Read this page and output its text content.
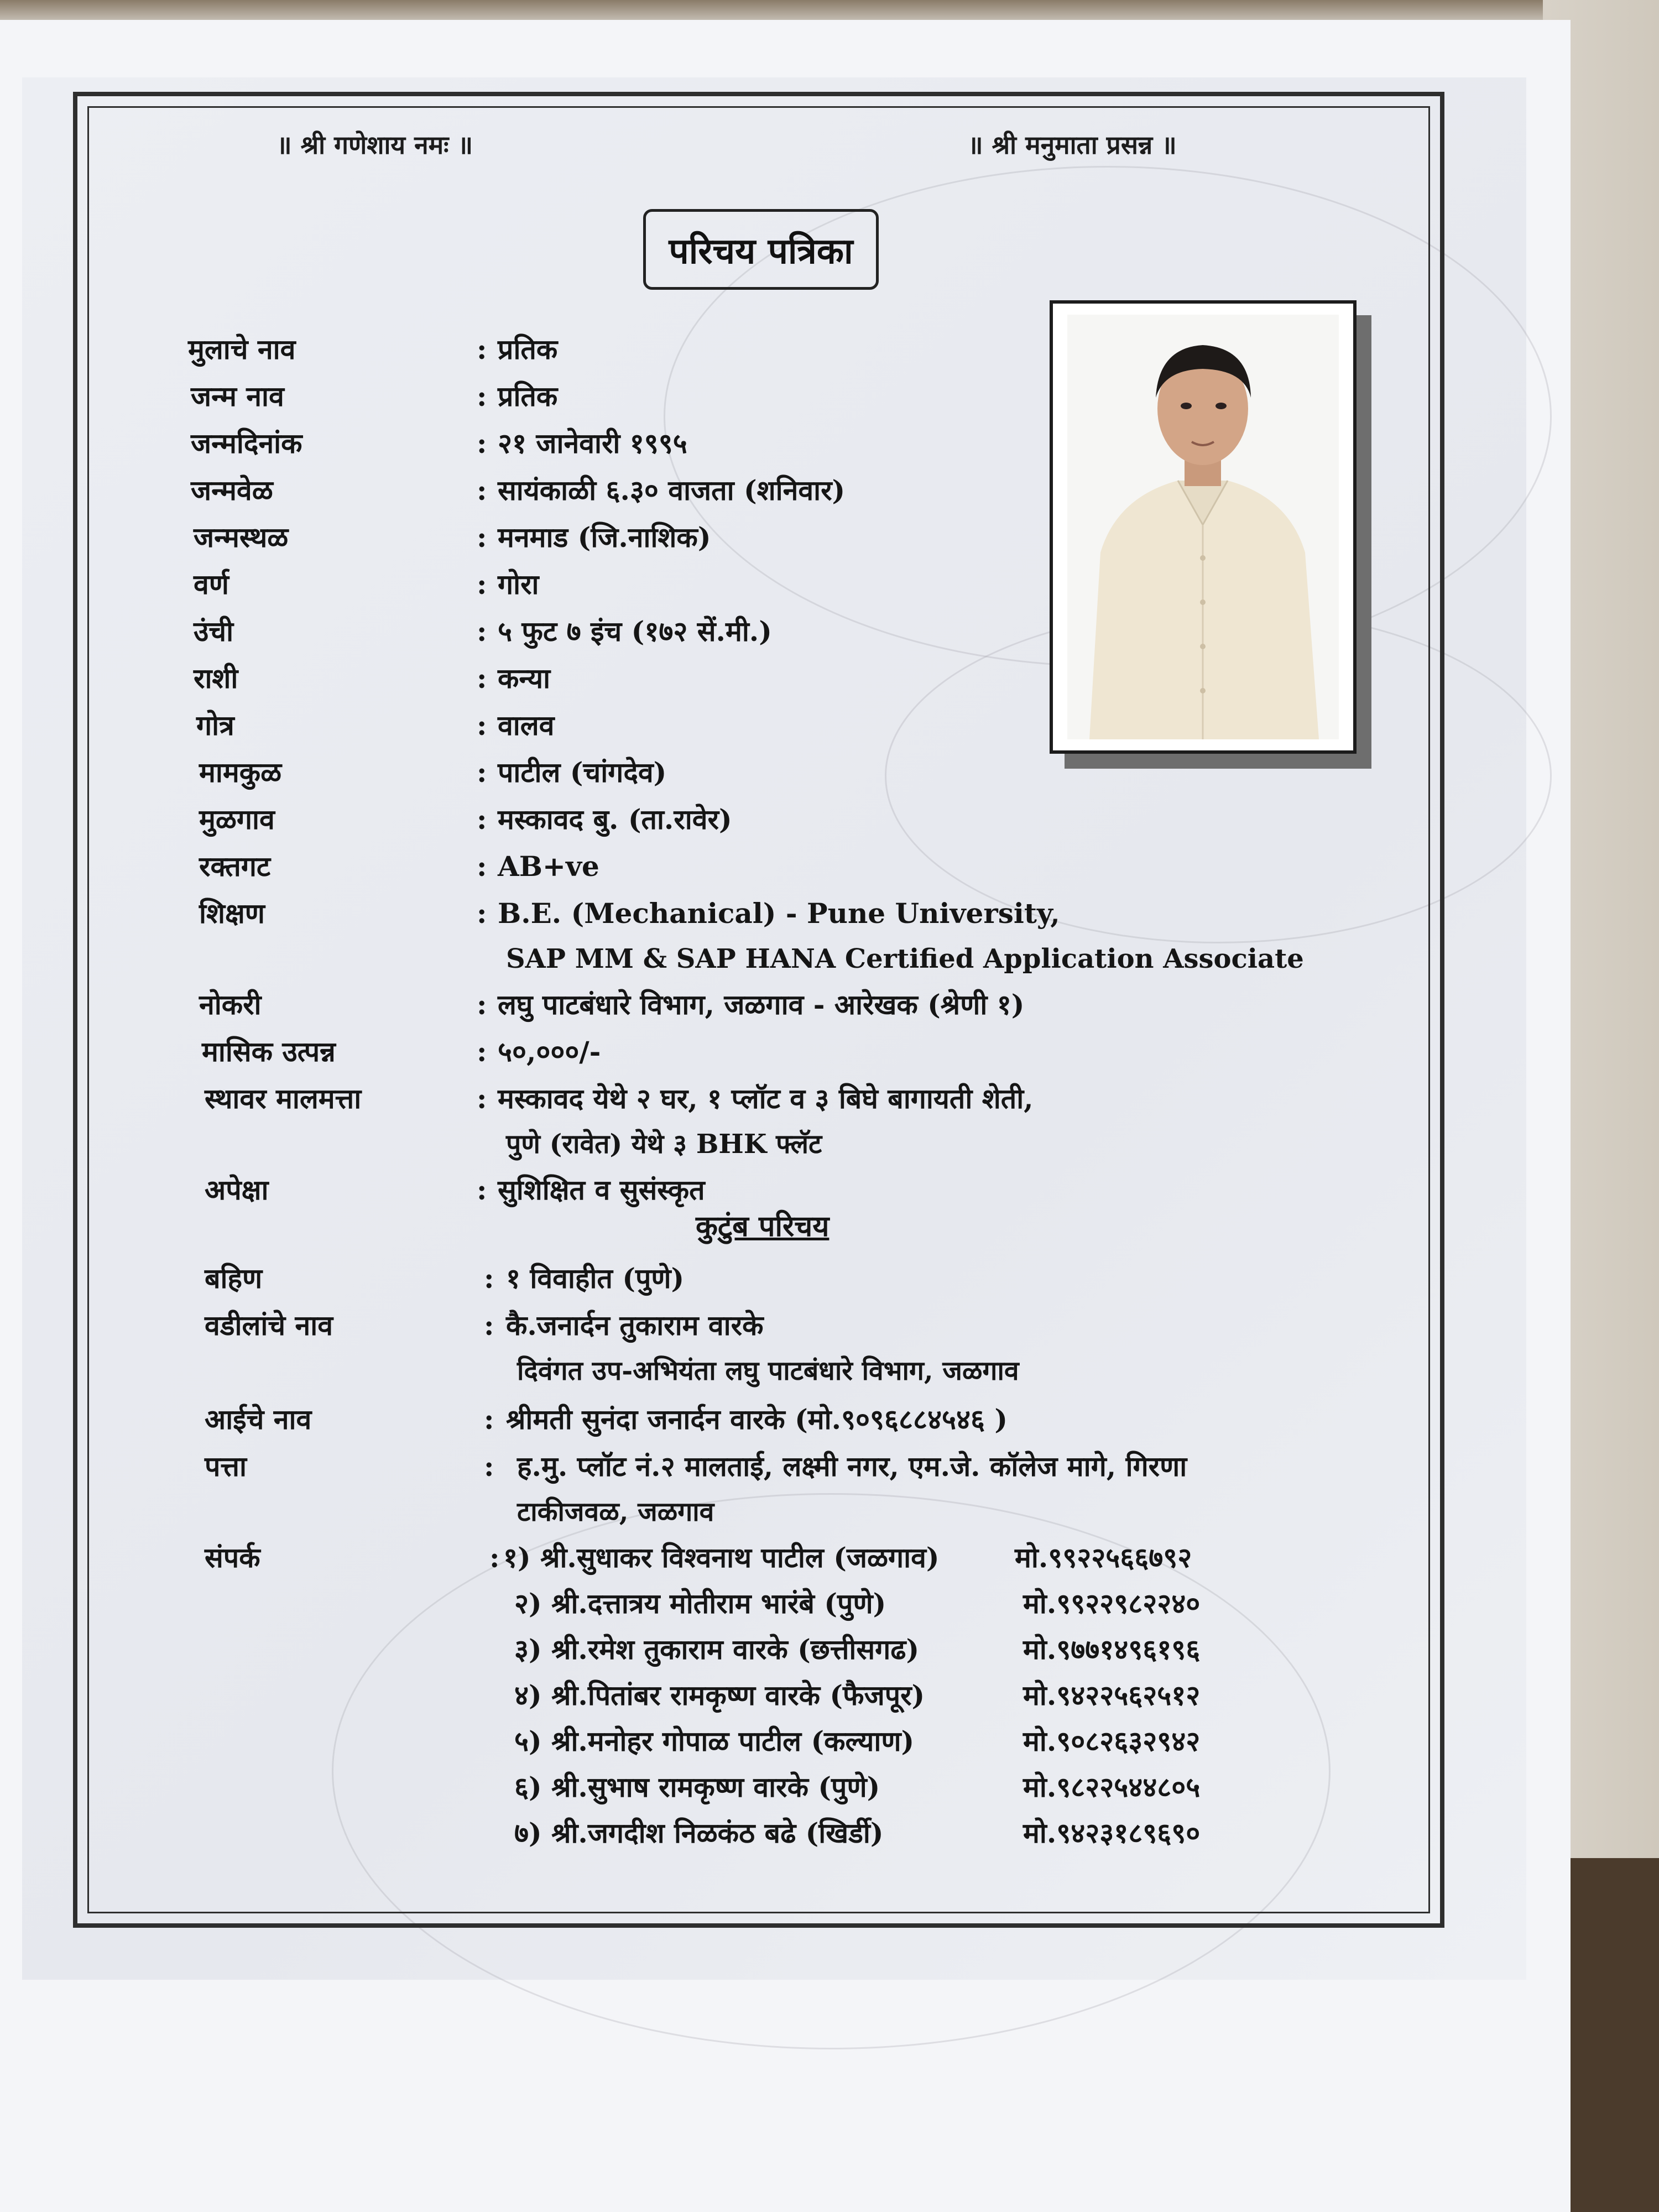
॥ श्री गणेशाय नमः ॥	॥ श्री मनुमाता प्रसन्न ॥
परिचय पत्रिका
मुलाचे नाव	: प्रतिक
जन्म नाव	: प्रतिक
जन्मदिनांक	: २१ जानेवारी १९९५
जन्मवेळ	: सायंकाळी ६.३० वाजता (शनिवार)
जन्मस्थळ	: मनमाड (जि.नाशिक)
वर्ण	: गोरा
उंची	: ५ फुट ७ इंच (१७२ सें.मी.)
राशी	: कन्या
गोत्र	: वालव
मामकुळ	: पाटील (चांगदेव)
मुळगाव	: मस्कावद बु. (ता.रावेर)
रक्तगट	: AB+ve
शिक्षण	: B.E. (Mechanical) - Pune University,
SAP MM & SAP HANA Certified Application Associate
नोकरी	: लघु पाटबंधारे विभाग, जळगाव - आरेखक (श्रेणी १)
मासिक उत्पन्न	: ५०,०००/-
स्थावर मालमत्ता	: मस्कावद येथे २ घर, १ प्लॉट व ३ बिघे बागायती शेती,
पुणे (रावेत) येथे ३ BHK फ्लॅट
अपेक्षा	: सुशिक्षित व सुसंस्कृत
कुटुंब परिचय
बहिण	: १ विवाहीत (पुणे)
वडीलांचे नाव	: कै.जनार्दन तुकाराम वारके
दिवंगत उप-अभियंता लघु पाटबंधारे विभाग, जळगाव
आईचे नाव	: श्रीमती सुनंदा जनार्दन वारके (मो.९०९६८८४५४६ )
पत्ता	: ह.मु. प्लॉट नं.२ मालताई, लक्ष्मी नगर, एम.जे. कॉलेज मागे, गिरणा
टाकीजवळ, जळगाव
संपर्क	: १) श्री.सुधाकर विश्वनाथ पाटील (जळगाव)	मो.९९२२५६६७९२
२) श्री.दत्तात्रय मोतीराम भारंबे (पुणे)	मो.९९२२९८२२४०
३) श्री.रमेश तुकाराम वारके (छत्तीसगढ)	मो.९७७१४९६१९६
४) श्री.पितांबर रामकृष्ण वारके (फैजपूर)	मो.९४२२५६२५१२
५) श्री.मनोहर गोपाळ पाटील (कल्याण)	मो.९०८२६३२९४२
६) श्री.सुभाष रामकृष्ण वारके (पुणे)	मो.९८२२५४४८०५
७) श्री.जगदीश निळकंठ बढे (खिर्डी)	मो.९४२३१८९६९०
